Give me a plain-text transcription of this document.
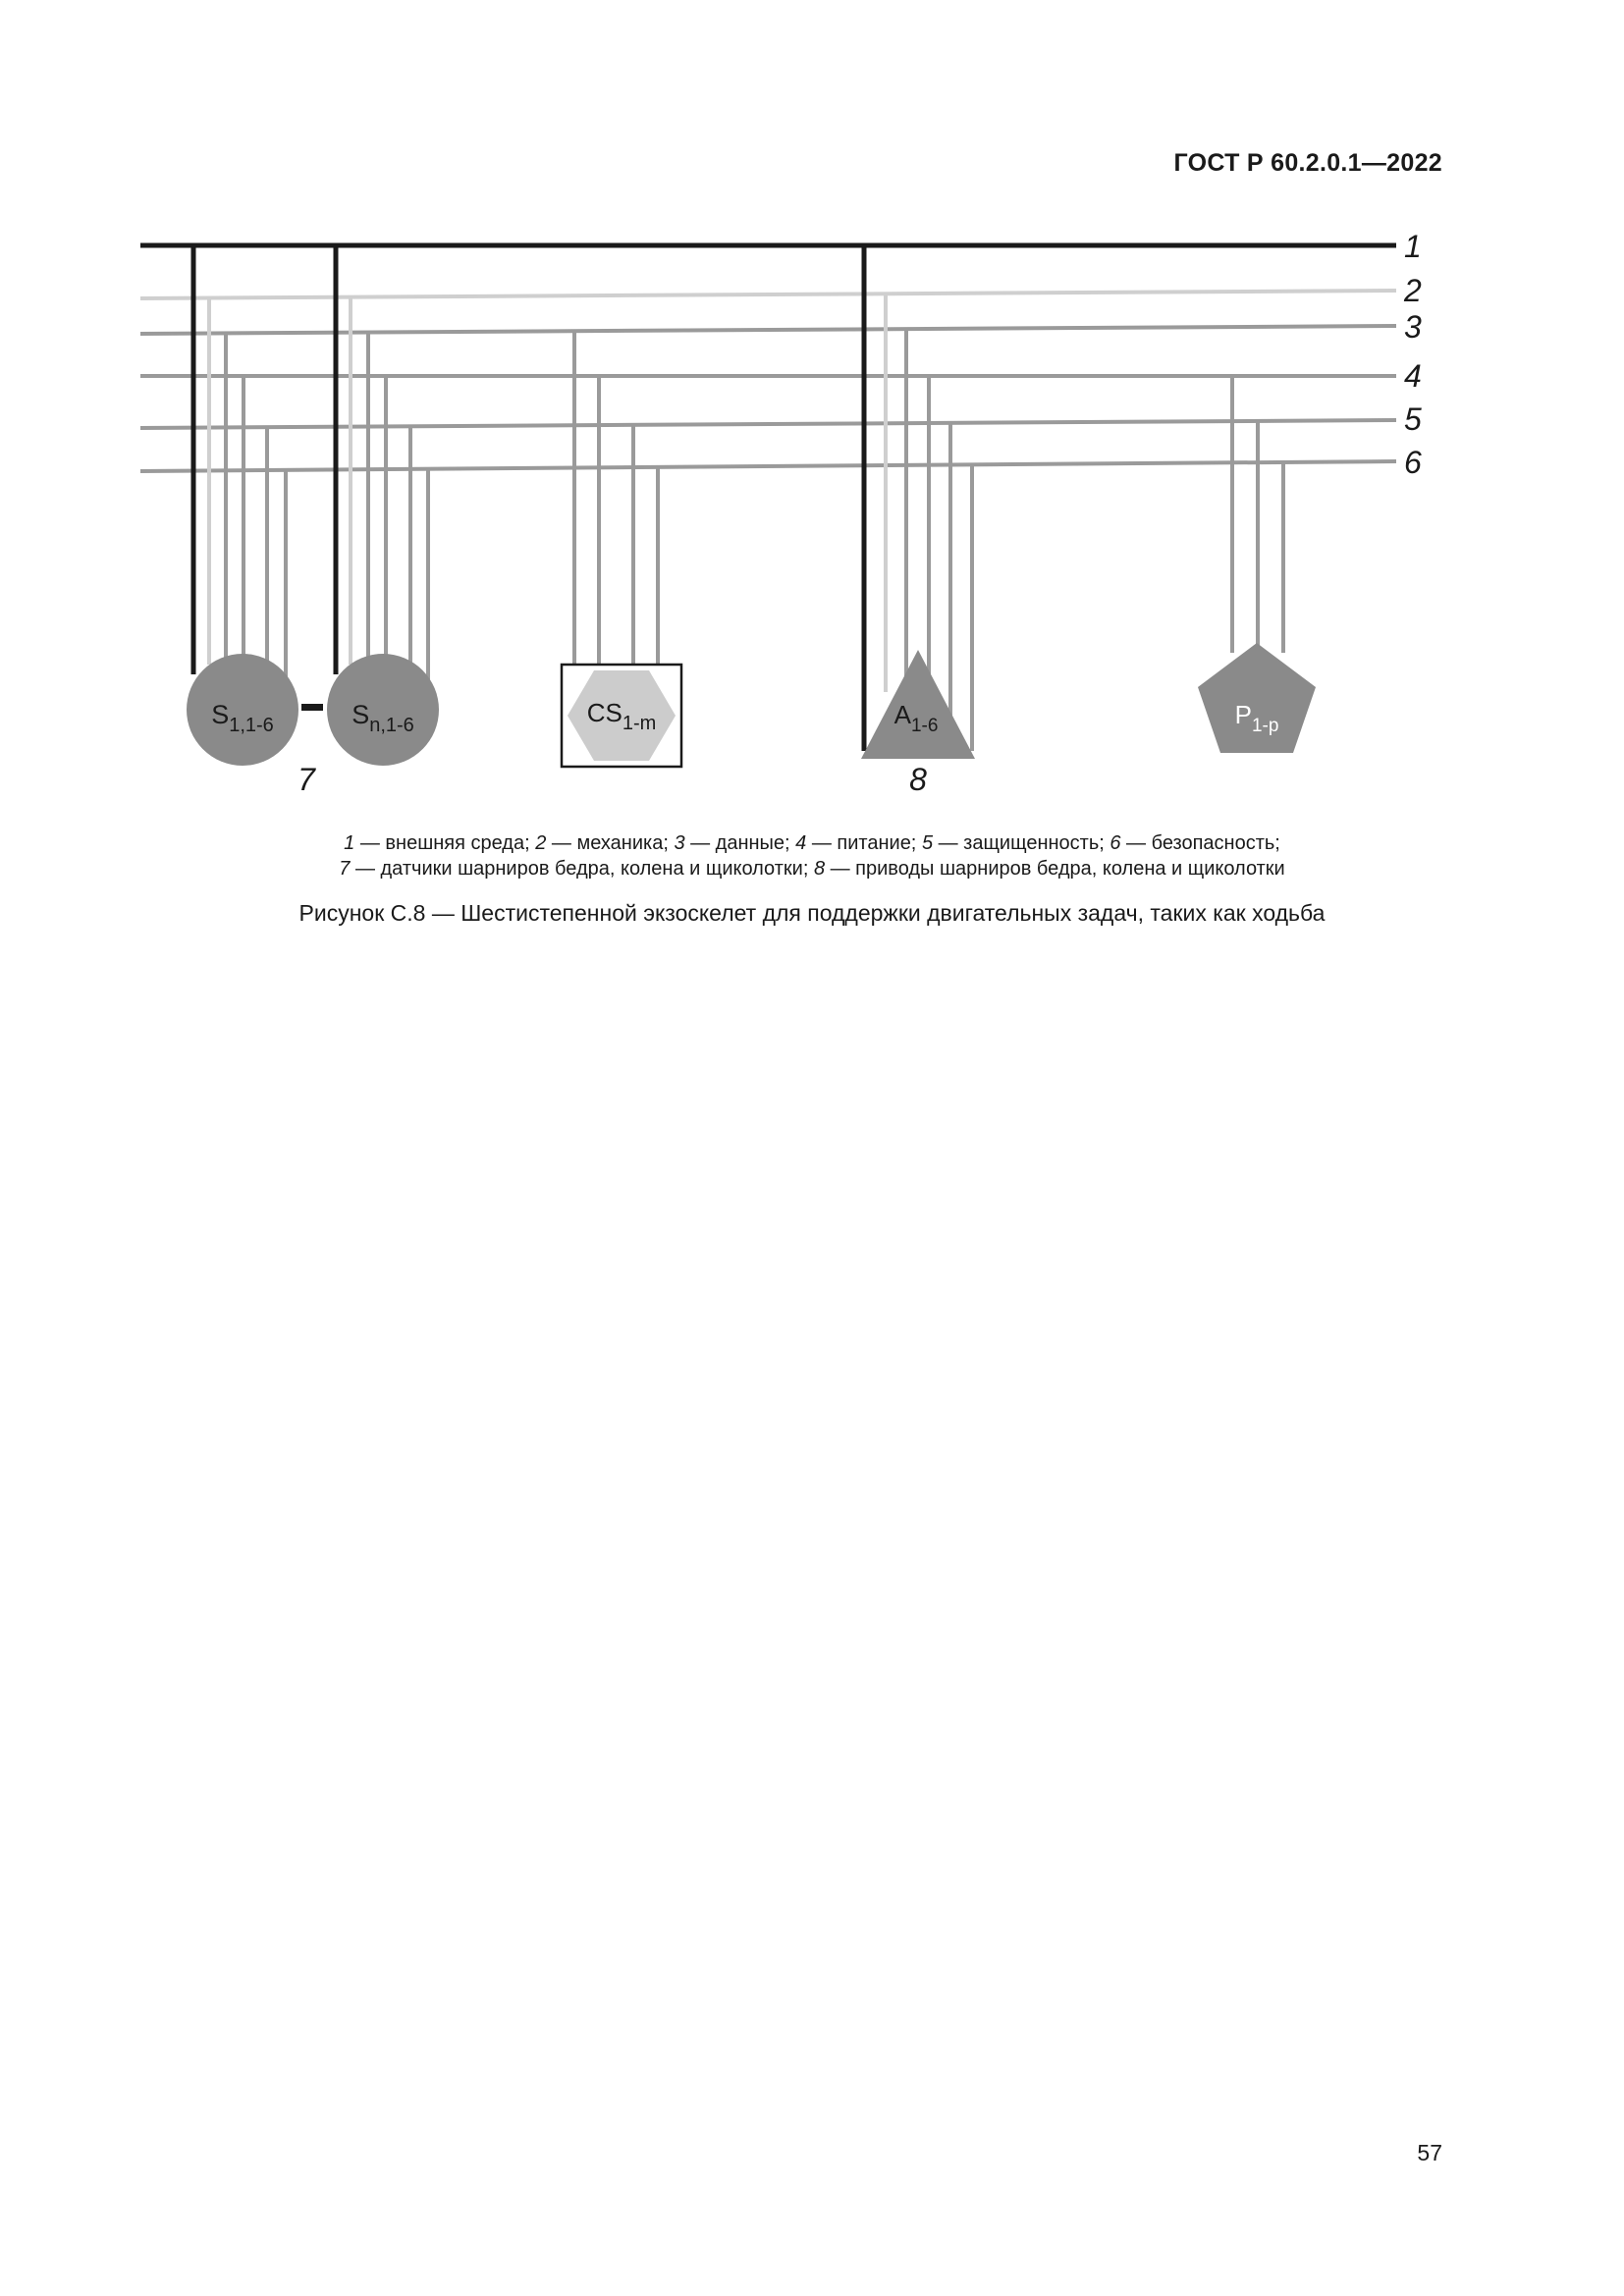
ГОСТ Р 60.2.0.1—2022
1
2
3
4
5
6
$S_{1,1-6}$	$S_{n,1-6}$	$CS_{1-m}$	$A_{1-6}$	$P_{1-p}$
7	8
1 — внешняя среда; 2 — механика; 3 — данные; 4 — питание; 5 — защищенность; 6 — безопасность;
7 — датчики шарниров бедра, колена и щиколотки; 8 — приводы шарниров бедра, колена и щиколотки
Рисунок С.8 — Шестистепенной экзоскелет для поддержки двигательных задач, таких как ходьба
57
